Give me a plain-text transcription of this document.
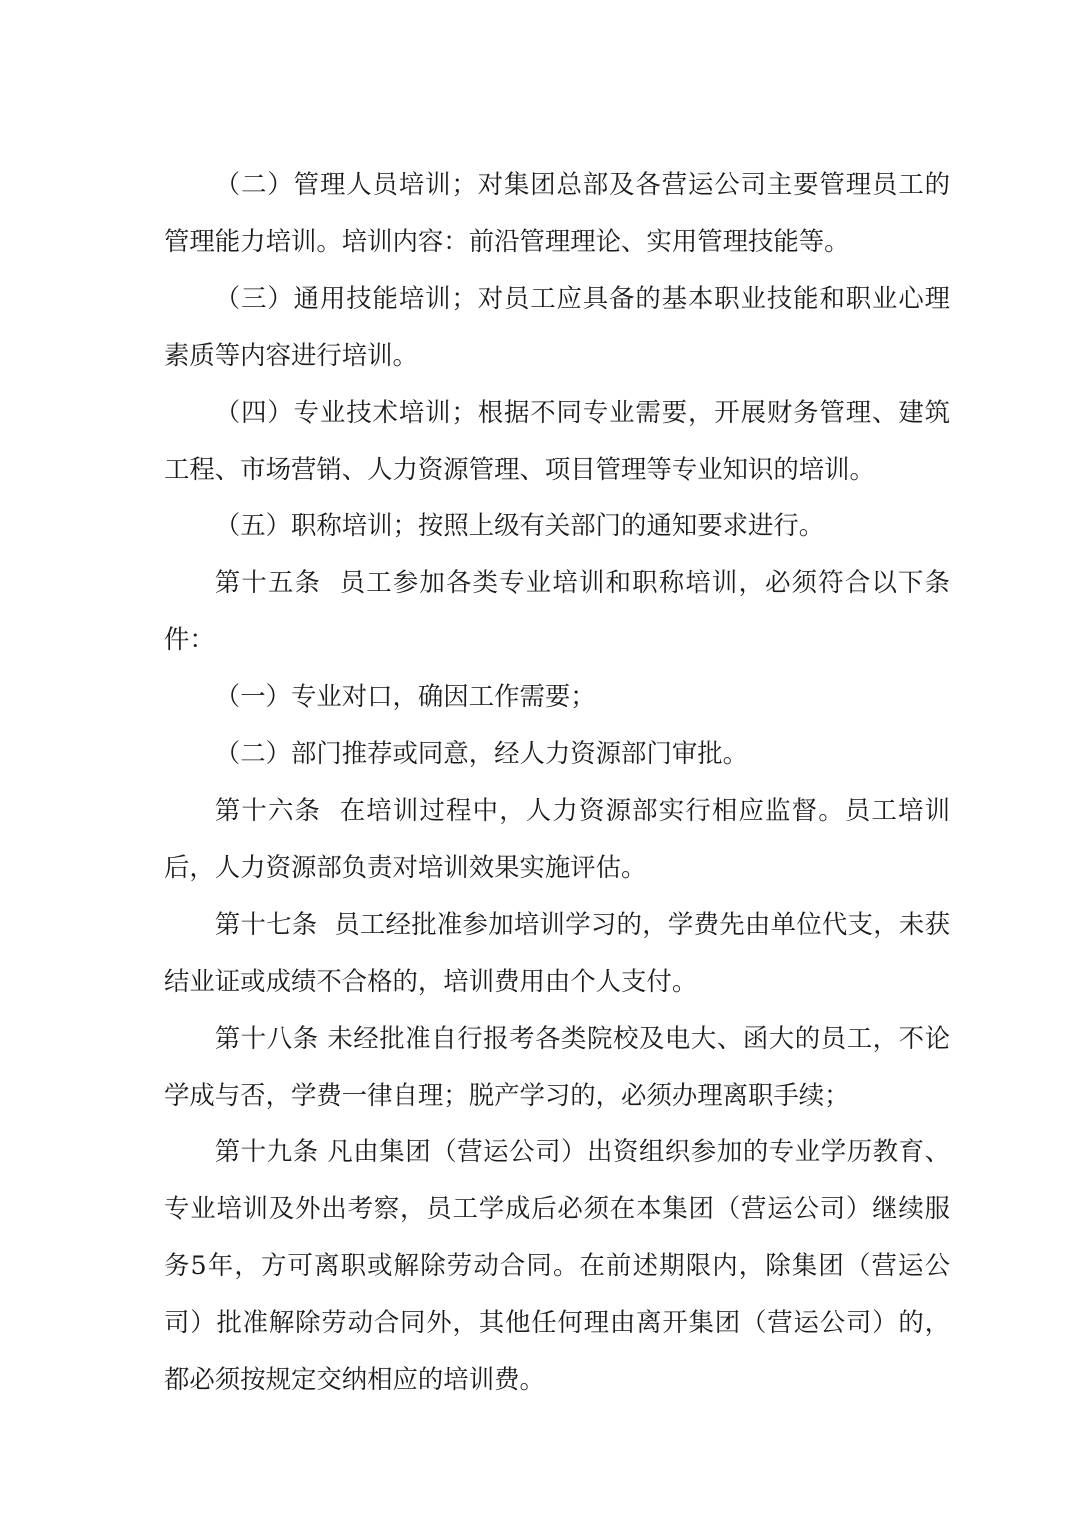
（二）管理人员培训；对集团总部及各营运公司主要管理员工的管理能力培训。培训内容：前沿管理理论、实用管理技能等。

（三）通用技能培训；对员工应具备的基本职业技能和职业心理素质等内容进行培训。

（四）专业技术培训；根据不同专业需要，开展财务管理、建筑工程、市场营销、人力资源管理、项目管理等专业知识的培训。

（五）职称培训；按照上级有关部门的通知要求进行。

第十五条 员工参加各类专业培训和职称培训，必须符合以下条件：

（一）专业对口，确因工作需要；

（二）部门推荐或同意，经人力资源部门审批。

第十六条 在培训过程中，人力资源部实行相应监督。员工培训后，人力资源部负责对培训效果实施评估。

第十七条 员工经批准参加培训学习的，学费先由单位代支，未获结业证或成绩不合格的，培训费用由个人支付。

第十八条 未经批准自行报考各类院校及电大、函大的员工，不论学成与否，学费一律自理；脱产学习的，必须办理离职手续；

第十九条 凡由集团（营运公司）出资组织参加的专业学历教育、专业培训及外出考察，员工学成后必须在本集团（营运公司）继续服务5年，方可离职或解除劳动合同。在前述期限内，除集团（营运公司）批准解除劳动合同外，其他任何理由离开集团（营运公司）的，都必须按规定交纳相应的培训费。
